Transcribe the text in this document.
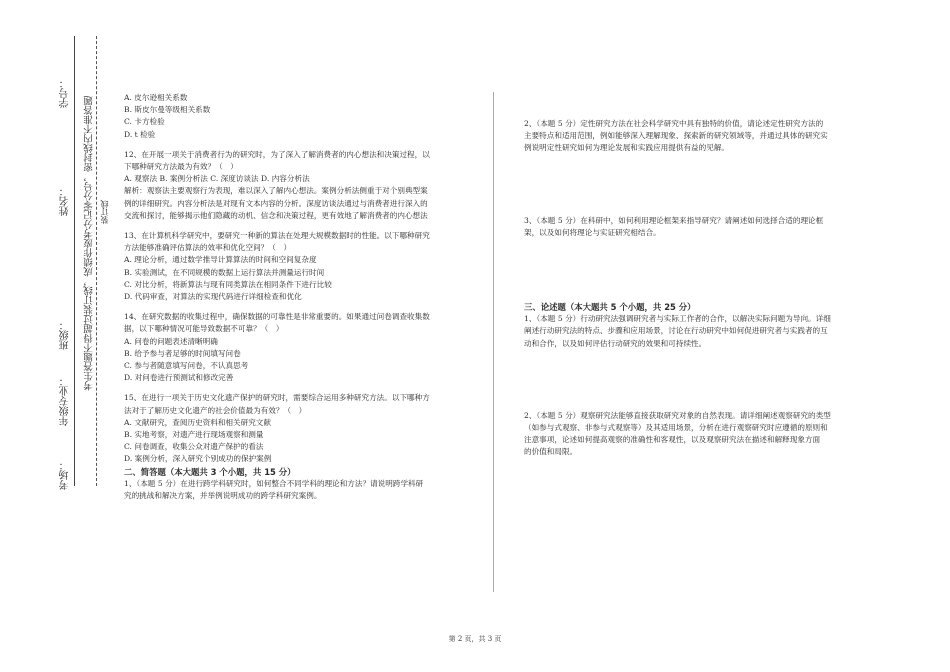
学号：
姓名： 考生答题不得超过装订线，成绩作废考分记零分号，密封线内不准答题
年级专业：
班级：
考场：
装订线

A. 皮尔逊相关系数

B. 斯皮尔曼等级相关系数

C. 卡方检验

D. t 检验

12、在开展一项关于消费者行为的研究时，为了深入了解消费者的内心想法和决策过程，以

下哪种研究方法最为有效？（　）

A. 观察法 B. 案例分析法 C. 深度访谈法 D. 内容分析法

解析：观察法主要观察行为表现，难以深入了解内心想法。案例分析法侧重于对个别典型案

例的详细研究。内容分析法是对现有文本内容的分析。深度访谈法通过与消费者进行深入的

交流和探讨，能够揭示他们隐藏的动机、信念和决策过程，更有效地了解消费者的内心想法

13、在计算机科学研究中，要研究一种新的算法在处理大规模数据时的性能。以下哪种研究

方法能够准确评估算法的效率和优化空间？（　）

A. 理论分析，通过数学推导计算算法的时间和空间复杂度

B. 实验测试，在不同规模的数据上运行算法并测量运行时间

C. 对比分析，将新算法与现有同类算法在相同条件下进行比较

D. 代码审查，对算法的实现代码进行详细检查和优化

14、在研究数据的收集过程中，确保数据的可靠性是非常重要的。如果通过问卷调查收集数

据，以下哪种情况可能导致数据不可靠？（　）

A. 问卷的问题表述清晰明确

B. 给予参与者足够的时间填写问卷

C. 参与者随意填写问卷，不认真思考

D. 对问卷进行预测试和修改完善

15、在进行一项关于历史文化遗产保护的研究时，需要综合运用多种研究方法。以下哪种方

法对于了解历史文化遗产的社会价值最为有效？（　）

A. 文献研究，查阅历史资料和相关研究文献

B. 实地考察，对遗产进行现场观察和测量

C. 问卷调查，收集公众对遗产保护的看法

D. 案例分析，深入研究个别成功的保护案例

二、简答题（本大题共 3 个小题，共 15 分）

1、（本题 5 分）在进行跨学科研究时，如何整合不同学科的理论和方法？请说明跨学科研

究的挑战和解决方案，并举例说明成功的跨学科研究案例。

2、（本题 5 分）定性研究方法在社会科学研究中具有独特的价值，请论述定性研究方法的

主要特点和适用范围，例如能够深入理解现象、探索新的研究领域等，并通过具体的研究实

例说明定性研究如何为理论发展和实践应用提供有益的见解。

3、（本题 5 分）在科研中，如何利用理论框架来指导研究？请阐述如何选择合适的理论框

架，以及如何将理论与实证研究相结合。

三、论述题（本大题共 5 个小题，共 25 分）

1、（本题 5 分）行动研究法强调研究者与实际工作者的合作，以解决实际问题为导向。详细

阐述行动研究法的特点、步骤和应用场景，讨论在行动研究中如何促进研究者与实践者的互

动和合作，以及如何评估行动研究的效果和可持续性。

2、（本题 5 分）观察研究法能够直接获取研究对象的自然表现。请详细阐述观察研究的类型

（如参与式观察、非参与式观察等）及其适用场景，分析在进行观察研究时应遵循的原则和

注意事项，论述如何提高观察的准确性和客观性，以及观察研究法在描述和解释现象方面

的价值和局限。

第 2 页，共 3 页
